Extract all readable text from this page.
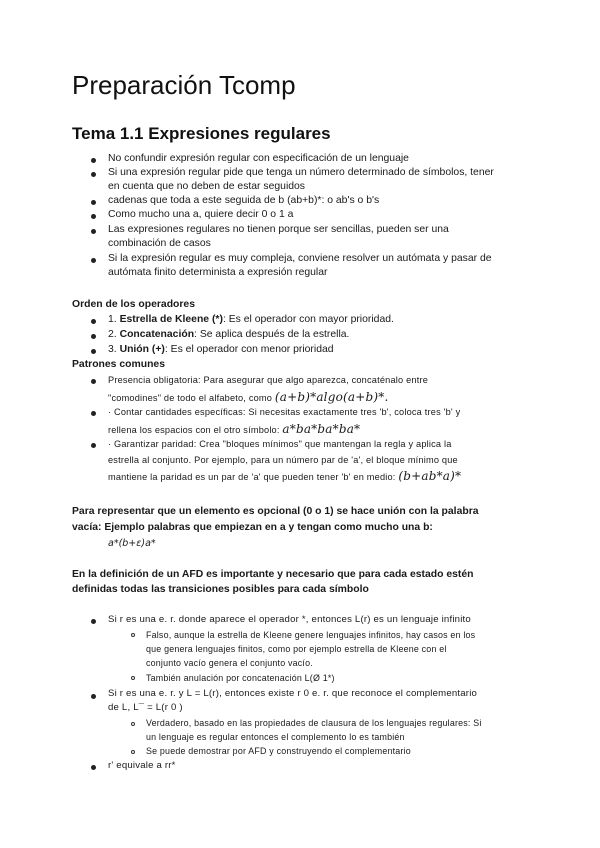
Preparación Tcomp
Tema 1.1 Expresiones regulares
No confundir expresión regular con especificación de un lenguaje
Si una expresión regular pide que tenga un número determinado de símbolos, tener
en cuenta que no deben de estar seguidos
cadenas que toda a este seguida de b (ab+b)*: o ab's o b's
Como mucho una a, quiere decir 0 o 1 a
Las expresiones regulares no tienen porque ser sencillas, pueden ser una
combinación de casos
Si la expresión regular es muy compleja, conviene resolver un autómata y pasar de
autómata finito determinista a expresión regular
Orden de los operadores
1. Estrella de Kleene (*): Es el operador con mayor prioridad.
2. Concatenación: Se aplica después de la estrella.
3. Unión (+): Es el operador con menor prioridad
Patrones comunes
Presencia obligatoria: Para asegurar que algo aparezca, concaténalo entre
"comodines" de todo el alfabeto, como (a+b)*algo(a+b)*.
· Contar cantidades específicas: Si necesitas exactamente tres 'b', coloca tres 'b' y
rellena los espacios con el otro símbolo: a*ba*ba*ba*
· Garantizar paridad: Crea "bloques mínimos" que mantengan la regla y aplica la
estrella al conjunto. Por ejemplo, para un número par de 'a', el bloque mínimo que
mantiene la paridad es un par de 'a' que pueden tener 'b' en medio: (b+ab*a)*
Para representar que un elemento es opcional (0 o 1) se hace unión con la palabra
vacía: Ejemplo palabras que empiezan en a y tengan como mucho una b:
a*(b+ε)a*
En la definición de un AFD es importante y necesario que para cada estado estén
definidas todas las transiciones posibles para cada símbolo
Si r es una e. r. donde aparece el operador *, entonces L(r) es un lenguaje infinito
Falso, aunque la estrella de Kleene genere lenguajes infinitos, hay casos en los
que genera lenguajes finitos, como por ejemplo estrella de Kleene con el
conjunto vacío genera el conjunto vacío.
También anulación por concatenación L(Ø 1*)
Si r es una e. r. y L = L(r), entonces existe r 0 e. r. que reconoce el complementario
de L, L¯ = L(r 0 )
Verdadero, basado en las propiedades de clausura de los lenguajes regulares: Si
un lenguaje es regular entonces el complemento lo es también
Se puede demostrar por AFD y construyendo el complementario
r' equivale a rr*
